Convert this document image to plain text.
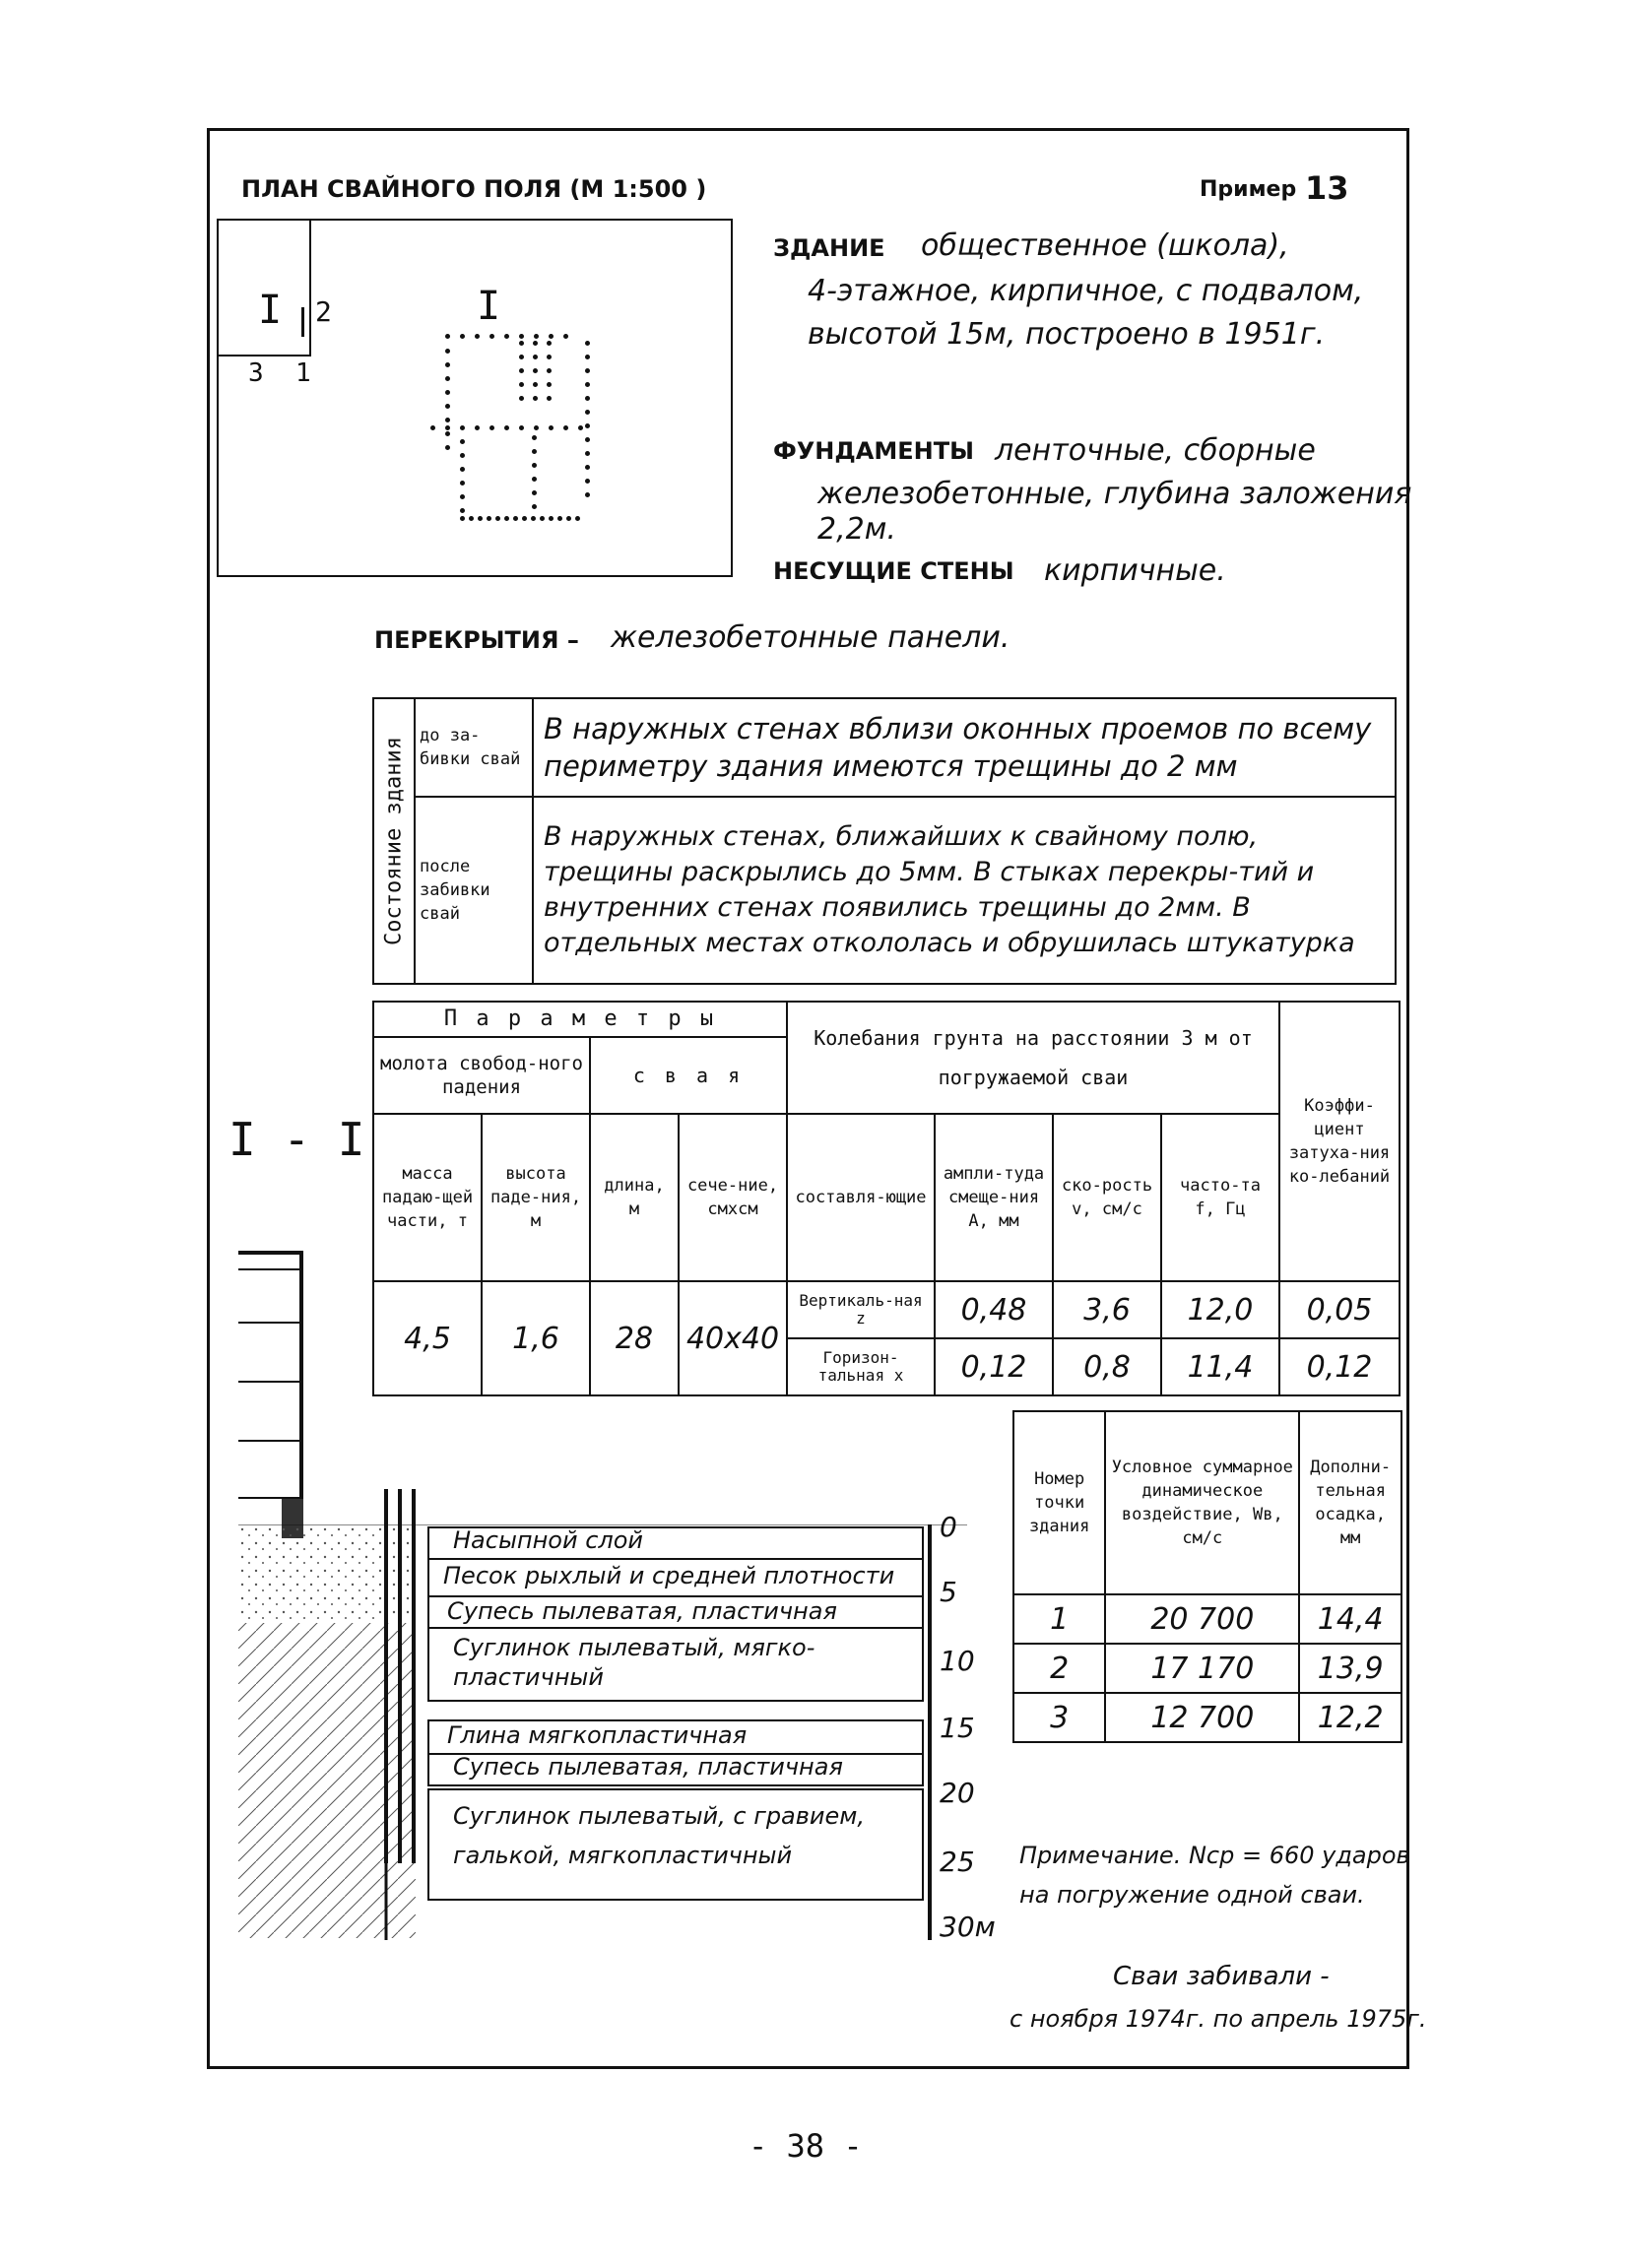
ПЛАН СВАЙНОГО ПОЛЯ (М 1:500 )	Пример 13
I 2
3 1
I
ЗДАНИЕ общественное (школа),
4-этажное, кирпичное, с подвалом,
высотой 15м, построено в 1951г.
ФУНДАМЕНТЫ ленточные, сборные
железобетонные, глубина заложения
2,2м.
НЕСУЩИЕ СТЕНЫ кирпичные.
ПЕРЕКРЫТИЯ – железобетонные панели.
Состояние здания	до за-бивки свай	В наружных стенах вблизи оконных проемов по всему периметру здания имеются трещины до 2 мм
	после забивки свай	В наружных стенах, ближайших к свайному полю, трещины раскрылись до 5мм. В стыках перекры-тий и внутренних стенах появились трещины до 2мм. В отдельных местах откололась и обрушилась штукатурка
П а р а м е т р ы				Колебания грунта на расстоянии 3 м от погружаемой сваи				Коэффи-циент затуха-ния ко-лебаний

молота свобод-ного падения		с в а я						
масса падаю-щей части, т	высота паде-ния, м	длина, м	сече-ние, смхсм	составля-ющие	ампли-туда смеще-ния А, мм	ско-рость v, см/с	часто-та f, Гц	
4,5	1,6	28	40x40	Вертикаль-ная z	0,48	3,6	12,0	0,05
				Горизон-тальная x	0,12	0,8	11,4	0,12
I - I
Насыпной слой
Песок рыхлый и средней плотности
Супесь пылеватая, пластичная
Суглинок пылеватый, мягко-пластичный
Глина мягкопластичная
Супесь пылеватая, пластичная
Суглинок пылеватый, с гравием, галькой, мягкопластичный
0
5
10
15
20
25
30м
Номер точки здания	Условное суммарное динамическое воздействие, Wв, см/с	Дополни-тельная осадка, мм
1	20 700	14,4
2	17 170	13,9
3	12 700	12,2
Примечание. Nср = 660 ударов
на погружение одной сваи.
Сваи забивали -
с ноября 1974г. по апрель 1975г.
- 38 -
